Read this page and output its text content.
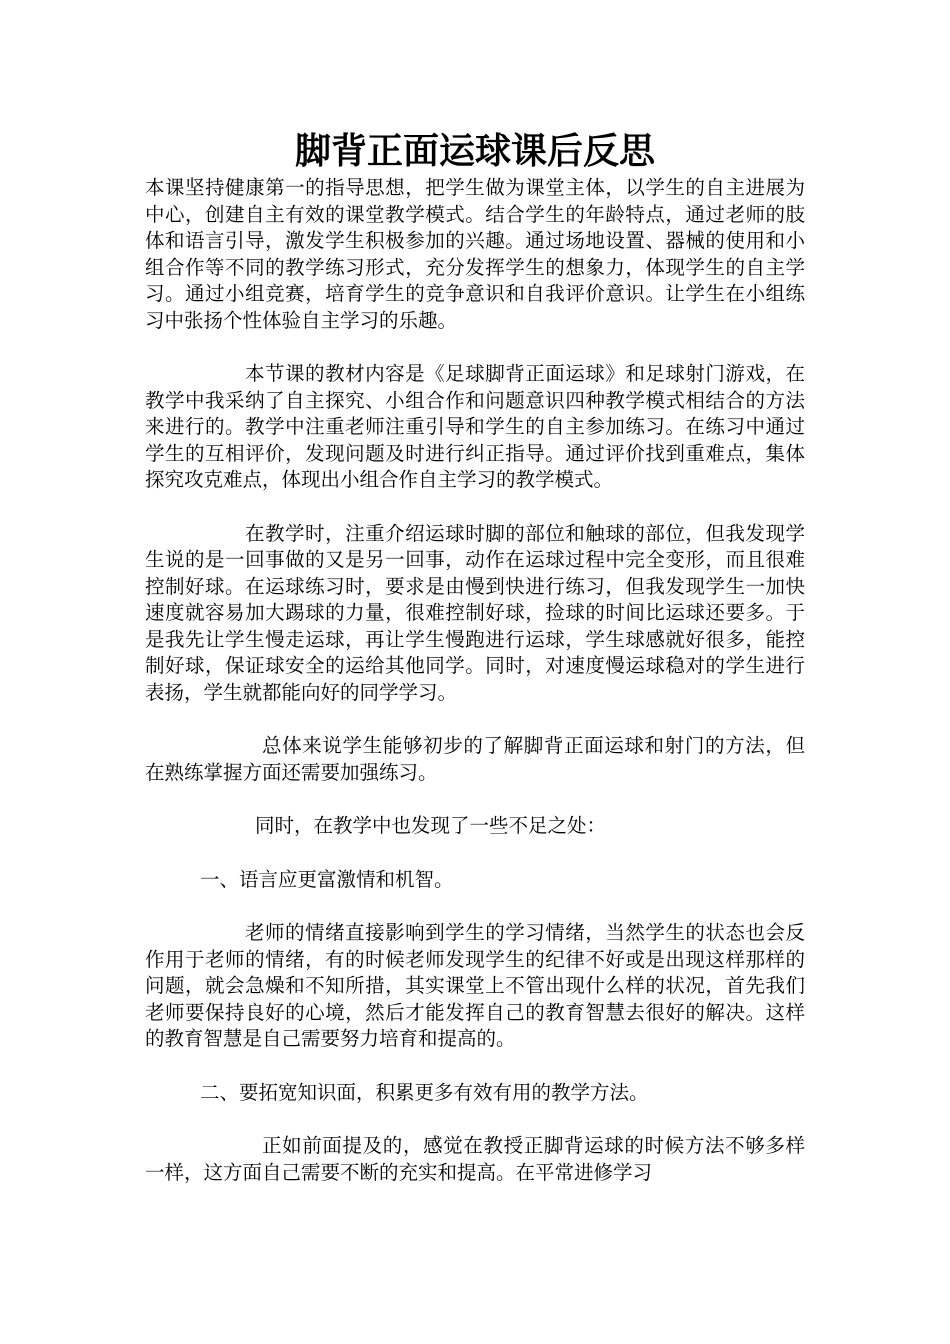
脚背正面运球课后反思

本课坚持健康第一的指导思想，把学生做为课堂主体，以学生的自主进展为中心，创建自主有效的课堂教学模式。结合学生的年龄特点，通过老师的肢体和语言引导，激发学生积极参加的兴趣。通过场地设置、器械的使用和小组合作等不同的教学练习形式，充分发挥学生的想象力，体现学生的自主学习。通过小组竞赛，培育学生的竞争意识和自我评价意识。让学生在小组练习中张扬个性体验自主学习的乐趣。

本节课的教材内容是《足球脚背正面运球》和足球射门游戏，在教学中我采纳了自主探究、小组合作和问题意识四种教学模式相结合的方法来进行的。教学中注重老师注重引导和学生的自主参加练习。在练习中通过学生的互相评价，发现问题及时进行纠正指导。通过评价找到重难点，集体探究攻克难点，体现出小组合作自主学习的教学模式。

在教学时，注重介绍运球时脚的部位和触球的部位，但我发现学生说的是一回事做的又是另一回事，动作在运球过程中完全变形，而且很难控制好球。在运球练习时，要求是由慢到快进行练习，但我发现学生一加快速度就容易加大踢球的力量，很难控制好球，捡球的时间比运球还要多。于是我先让学生慢走运球，再让学生慢跑进行运球，学生球感就好很多，能控制好球，保证球安全的运给其他同学。同时，对速度慢运球稳对的学生进行表扬，学生就都能向好的同学学习。

总体来说学生能够初步的了解脚背正面运球和射门的方法，但在熟练掌握方面还需要加强练习。

同时，在教学中也发现了一些不足之处：

一、语言应更富激情和机智。

老师的情绪直接影响到学生的学习情绪，当然学生的状态也会反作用于老师的情绪，有的时候老师发现学生的纪律不好或是出现这样那样的问题，就会急燥和不知所措，其实课堂上不管出现什么样的状况，首先我们老师要保持良好的心境，然后才能发挥自己的教育智慧去很好的解决。这样的教育智慧是自己需要努力培育和提高的。

二、要拓宽知识面，积累更多有效有用的教学方法。

正如前面提及的，感觉在教授正脚背运球的时候方法不够多样一样，这方面自己需要不断的充实和提高。在平常进修学习
